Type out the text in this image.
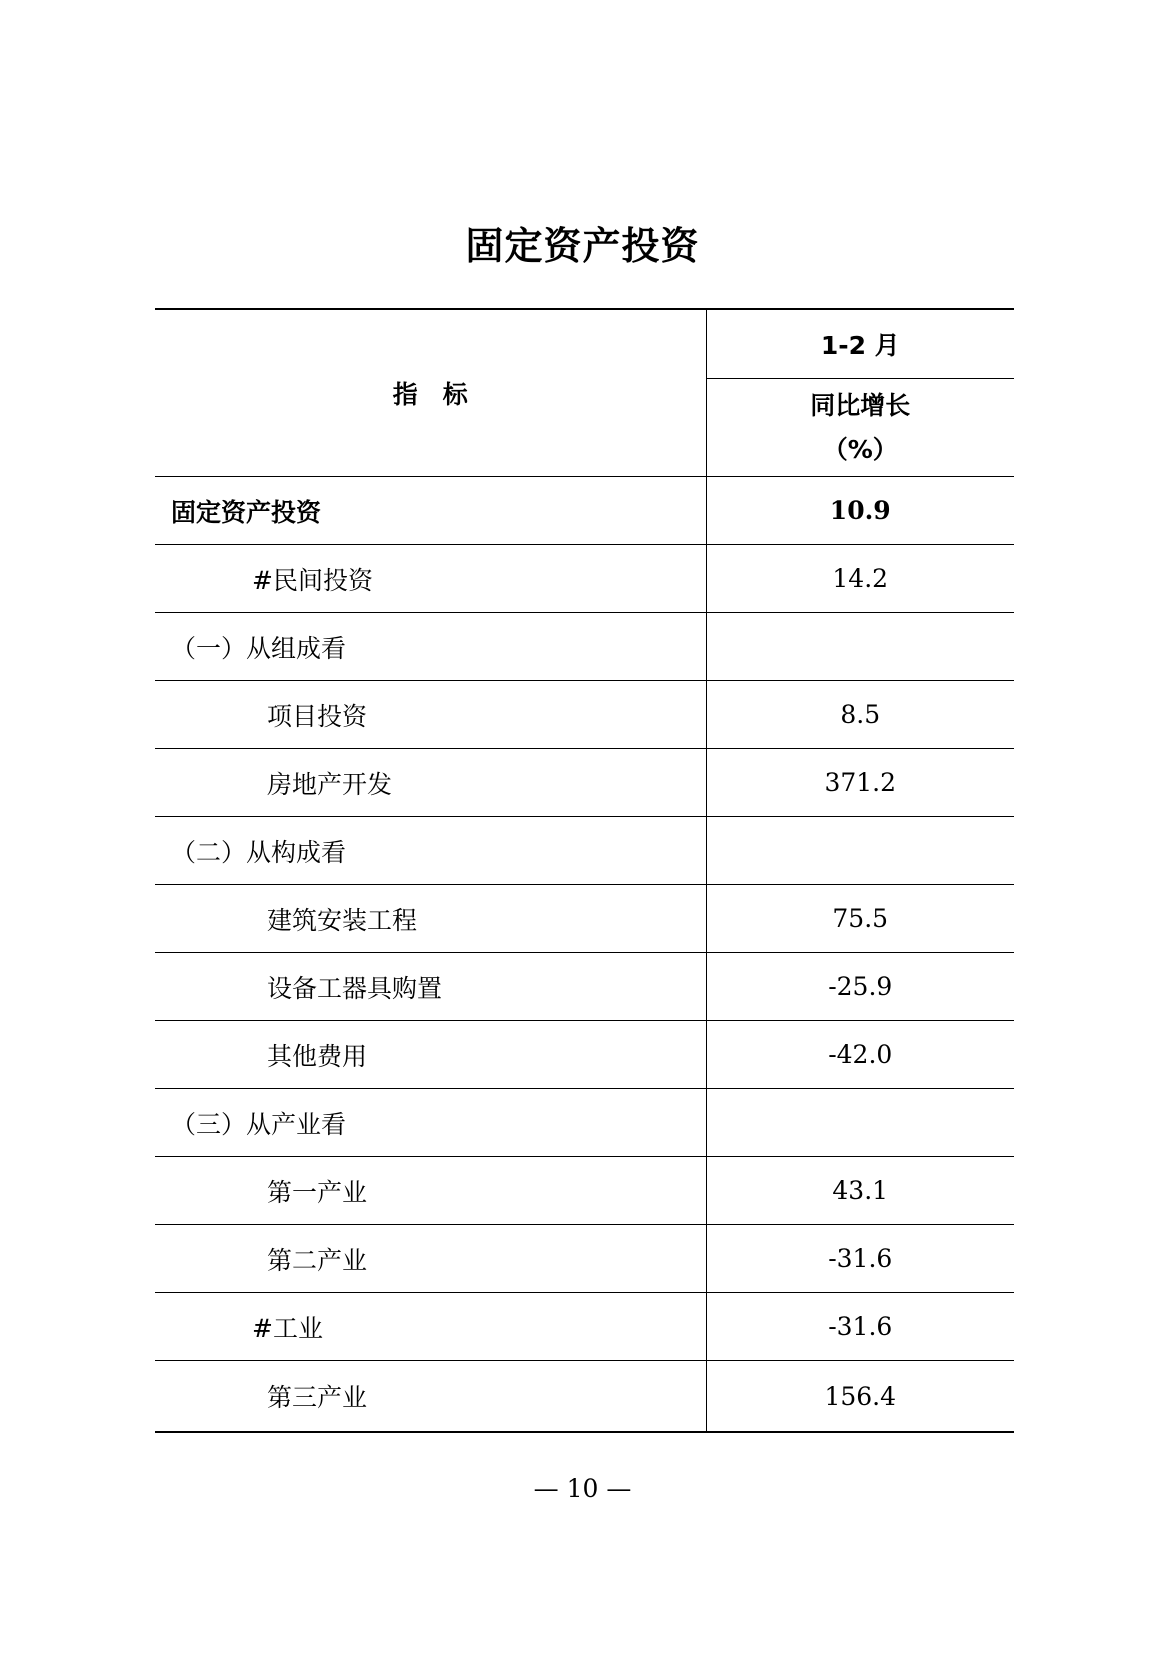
固定资产投资
指　标	1-2 月

	同比增长
（%）

固定资产投资	10.9
#民间投资	14.2
（一）从组成看	
项目投资	8.5
房地产开发	371.2
（二）从构成看	
建筑安装工程	75.5
设备工器具购置	-25.9
其他费用	-42.0
（三）从产业看	
第一产业	43.1
第二产业	-31.6
#工业	-31.6
第三产业	156.4
— 10 —
